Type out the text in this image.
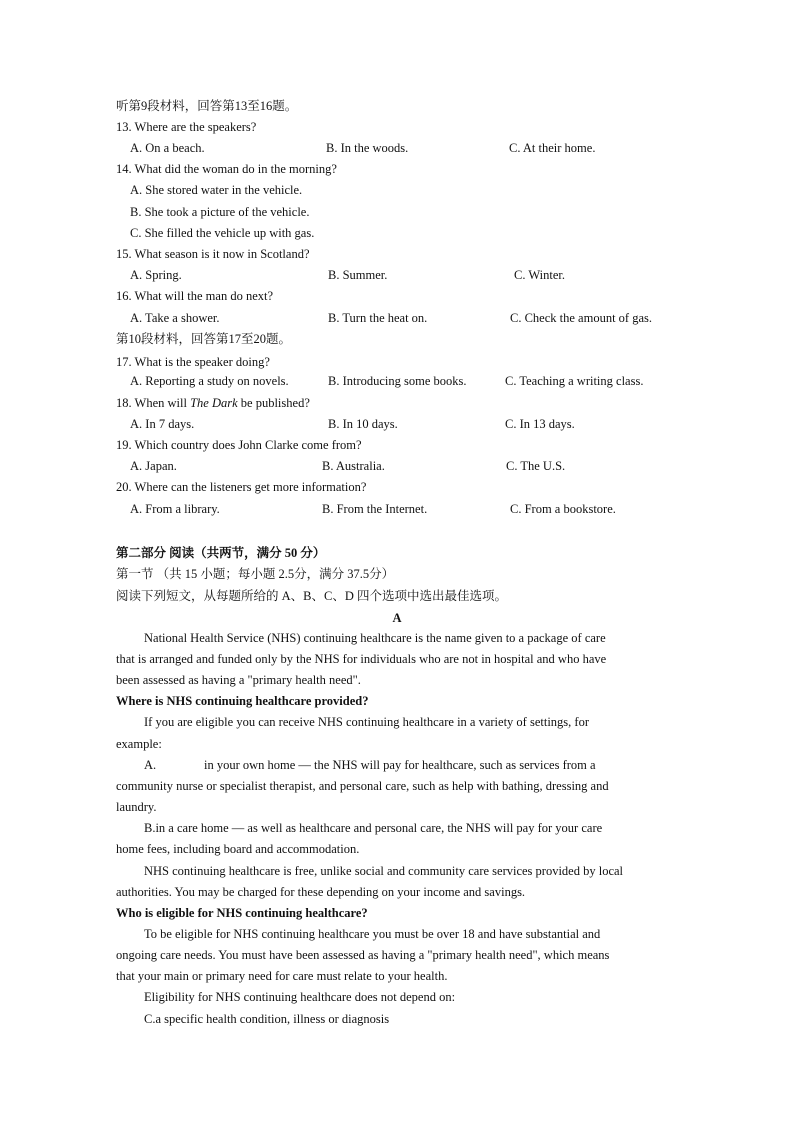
听第9段材料，回答第13至16题。
13. Where are the speakers?
A. On a beach.	B. In the woods.	C. At their home.
14. What did the woman do in the morning?
A. She stored water in the vehicle.
B. She took a picture of the vehicle.
C. She filled the vehicle up with gas.
15. What season is it now in Scotland?
A. Spring.	B. Summer.	C. Winter.
16. What will the man do next?
A. Take a shower.	B. Turn the heat on.	C. Check the amount of gas.
第10段材料，回答第17至20题。
17. What is the speaker doing?
A. Reporting a study on novels.	B. Introducing some books.	C. Teaching a writing class.
18. When will The Dark be published?
A. In 7 days.	B. In 10 days.	C. In 13 days.
19. Which country does John Clarke come from?
A. Japan.	B. Australia.	C. The U.S.
20. Where can the listeners get more information?
A. From a library.	B. From the Internet.	C. From a bookstore.
第二部分 阅读（共两节，满分 50 分）
第一节 （共 15 小题；每小题 2.5分，满分 37.5分）
阅读下列短文，从每题所给的 A、B、C、D 四个选项中选出最佳选项。
A
National Health Service (NHS) continuing healthcare is the name given to a package of care
that is arranged and funded only by the NHS for individuals who are not in hospital and who have
been assessed as having a "primary health need".
Where is NHS continuing healthcare provided?
If you are eligible you can receive NHS continuing healthcare in a variety of settings, for
example:
A.	in your own home — the NHS will pay for healthcare, such as services from a
community nurse or specialist therapist, and personal care, such as help with bathing, dressing and
laundry.
B.in a care home — as well as healthcare and personal care, the NHS will pay for your care
home fees, including board and accommodation.
NHS continuing healthcare is free, unlike social and community care services provided by local
authorities. You may be charged for these depending on your income and savings.
Who is eligible for NHS continuing healthcare?
To be eligible for NHS continuing healthcare you must be over 18 and have substantial and
ongoing care needs. You must have been assessed as having a "primary health need", which means
that your main or primary need for care must relate to your health.
Eligibility for NHS continuing healthcare does not depend on:
C.a specific health condition, illness or diagnosis
